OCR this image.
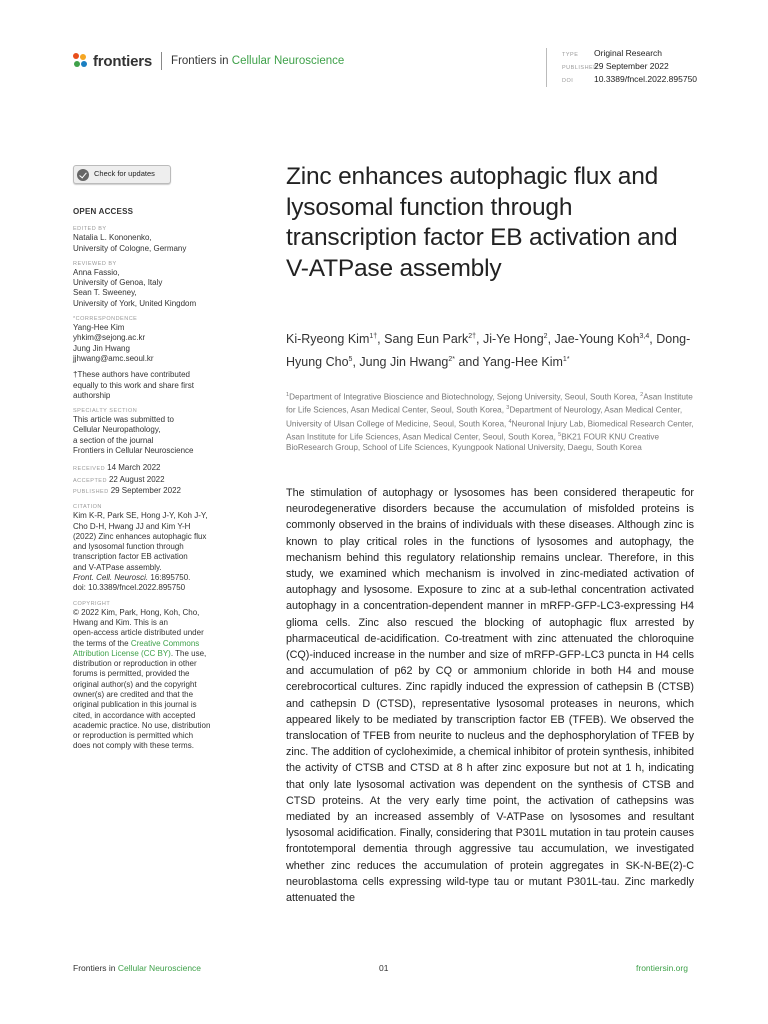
frontiers Frontiers in Cellular Neuroscience	TYPE Original Research
PUBLISHED29 September 2022
DOI 10.3389/fncel.2022.895750
Check for updates
OPEN ACCESS
EDITED BY
Natalia L. Kononenko,
University of Cologne, Germany
REVIEWED BY
Anna Fassio,
University of Genoa, Italy
Sean T. Sweeney,
University of York, United Kingdom
*CORRESPONDENCE
Yang-Hee Kim
yhkim@sejong.ac.kr
Jung Jin Hwang
jjhwang@amc.seoul.kr
†These authors have contributed
equally to this work and share first
authorship
SPECIALTY SECTION
This article was submitted to
Cellular Neuropathology,
a section of the journal
Frontiers in Cellular Neuroscience
RECEIVED 14 March 2022
ACCEPTED 22 August 2022
PUBLISHED 29 September 2022
CITATION
Kim K-R, Park SE, Hong J-Y, Koh J-Y,
Cho D-H, Hwang JJ and Kim Y-H
(2022) Zinc enhances autophagic flux
and lysosomal function through
transcription factor EB activation
and V-ATPase assembly.
Front. Cell. Neurosci. 16:895750.
doi: 10.3389/fncel.2022.895750
COPYRIGHT
© 2022 Kim, Park, Hong, Koh, Cho,
Hwang and Kim. This is an
open-access article distributed under
the terms of the Creative Commons
Attribution License (CC BY). The use,
distribution or reproduction in other
forums is permitted, provided the
original author(s) and the copyright
owner(s) are credited and that the
original publication in this journal is
cited, in accordance with accepted
academic practice. No use, distribution
or reproduction is permitted which
does not comply with these terms.
Zinc enhances autophagic flux and lysosomal function through transcription factor EB activation and V-ATPase assembly
Ki-Ryeong Kim$^{1\dagger}$, Sang Eun Park$^{2\dagger}$, Ji-Ye Hong$^2$, Jae-Young Koh$^{3,4}$, Dong-Hyung Cho$^5$, Jung Jin Hwang$^{2*}$ and Yang-Hee Kim$^{1*}$
$^1$Department of Integrative Bioscience and Biotechnology, Sejong University, Seoul, South Korea, $^2$Asan Institute for Life Sciences, Asan Medical Center, Seoul, South Korea, $^3$Department of Neurology, Asan Medical Center, University of Ulsan College of Medicine, Seoul, South Korea, $^4$Neuronal Injury Lab, Biomedical Research Center, Asan Institute for Life Sciences, Asan Medical Center, Seoul, South Korea, $^5$BK21 FOUR KNU Creative BioResearch Group, School of Life Sciences, Kyungpook National University, Daegu, South Korea
The stimulation of autophagy or lysosomes has been considered therapeutic for neurodegenerative disorders because the accumulation of misfolded proteins is commonly observed in the brains of individuals with these diseases. Although zinc is known to play critical roles in the functions of lysosomes and autophagy, the mechanism behind this regulatory relationship remains unclear. Therefore, in this study, we examined which mechanism is involved in zinc-mediated activation of autophagy and lysosome. Exposure to zinc at a sub-lethal concentration activated autophagy in a concentration-dependent manner in mRFP-GFP-LC3-expressing H4 glioma cells. Zinc also rescued the blocking of autophagic flux arrested by pharmaceutical de-acidification. Co-treatment with zinc attenuated the chloroquine (CQ)-induced increase in the number and size of mRFP-GFP-LC3 puncta in H4 cells and accumulation of p62 by CQ or ammonium chloride in both H4 and mouse cerebrocortical cultures. Zinc rapidly induced the expression of cathepsin B (CTSB) and cathepsin D (CTSD), representative lysosomal proteases in neurons, which appeared likely to be mediated by transcription factor EB (TFEB). We observed the translocation of TFEB from neurite to nucleus and the dephosphorylation of TFEB by zinc. The addition of cycloheximide, a chemical inhibitor of protein synthesis, inhibited the activity of CTSB and CTSD at 8 h after zinc exposure but not at 1 h, indicating that only late lysosomal activation was dependent on the synthesis of CTSB and CTSD proteins. At the very early time point, the activation of cathepsins was mediated by an increased assembly of V-ATPase on lysosomes and resultant lysosomal acidification. Finally, considering that P301L mutation in tau protein causes frontotemporal dementia through aggressive tau accumulation, we investigated whether zinc reduces the accumulation of protein aggregates in SK-N-BE(2)-C neuroblastoma cells expressing wild-type tau or mutant P301L-tau. Zinc markedly attenuated the
Frontiers in Cellular Neuroscience	01	frontiersin.org
